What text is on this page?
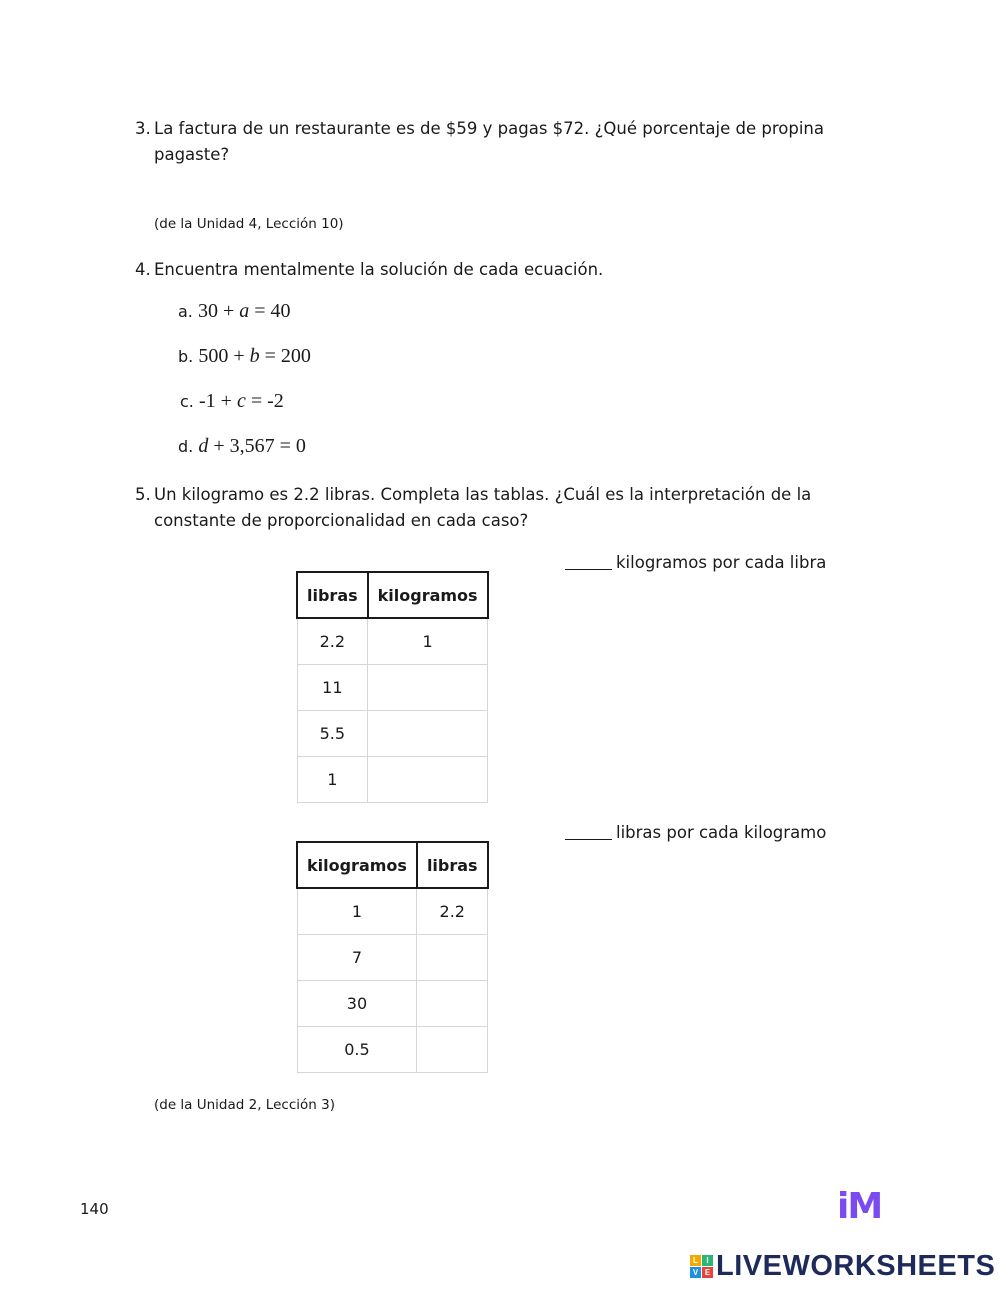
3. La factura de un restaurante es de $59 y pagas $72. ¿Qué porcentaje de propina
pagaste?
(de la Unidad 4, Lección 10)
4. Encuentra mentalmente la solución de cada ecuación.
a. 30 + a = 40
b. 500 + b = 200
c. -1 + c = -2
d. d + 3,567 = 0
5. Un kilogramo es 2.2 libras. Completa las tablas. ¿Cuál es la interpretación de la
constante de proporcionalidad en cada caso?
kilogramos por cada libra
libras	kilogramos
2.2	1
11	
5.5	
1	
libras por cada kilogramo
kilogramos	libras
1	2.2
7	
30	
0.5	
(de la Unidad 2, Lección 3)
140	iM
L	I
V E LIVEWORKSHEETS
